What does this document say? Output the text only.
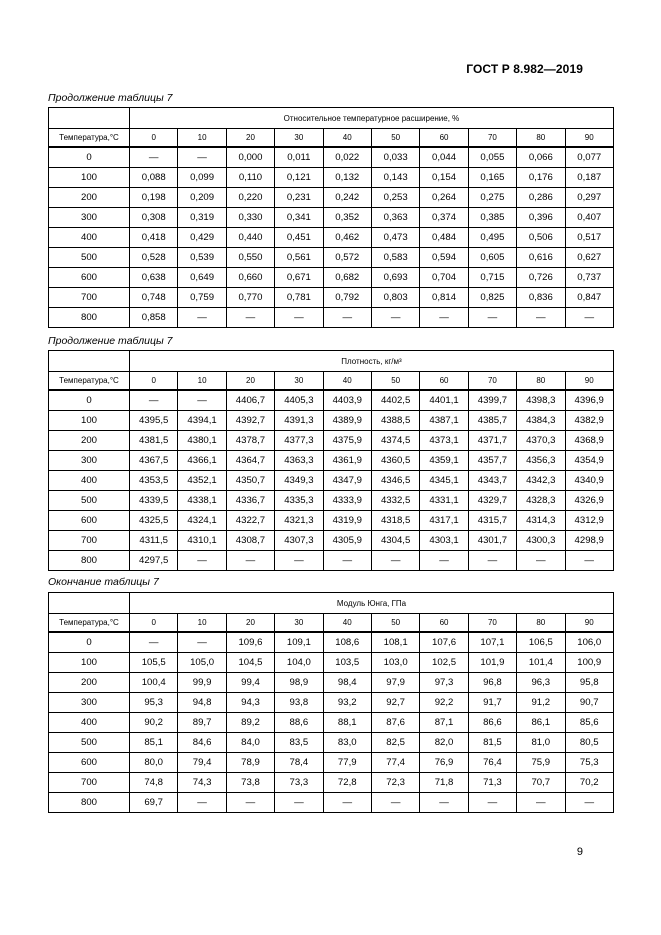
ГОСТ Р 8.982—2019
Продолжение таблицы 7
	Относительное температурное расширение, %									
Температура,°C	0	10	20	30	40	50	60	70	80	90
0	—	—	0,000	0,011	0,022	0,033	0,044	0,055	0,066	0,077
100	0,088	0,099	0,110	0,121	0,132	0,143	0,154	0,165	0,176	0,187
200	0,198	0,209	0,220	0,231	0,242	0,253	0,264	0,275	0,286	0,297
300	0,308	0,319	0,330	0,341	0,352	0,363	0,374	0,385	0,396	0,407
400	0,418	0,429	0,440	0,451	0,462	0,473	0,484	0,495	0,506	0,517
500	0,528	0,539	0,550	0,561	0,572	0,583	0,594	0,605	0,616	0,627
600	0,638	0,649	0,660	0,671	0,682	0,693	0,704	0,715	0,726	0,737
700	0,748	0,759	0,770	0,781	0,792	0,803	0,814	0,825	0,836	0,847
800	0,858	—	—	—	—	—	—	—	—	—
Продолжение таблицы 7
	Плотность, кг/м³									
Температура,°C	0	10	20	30	40	50	60	70	80	90
0	—	—	4406,7	4405,3	4403,9	4402,5	4401,1	4399,7	4398,3	4396,9
100	4395,5	4394,1	4392,7	4391,3	4389,9	4388,5	4387,1	4385,7	4384,3	4382,9
200	4381,5	4380,1	4378,7	4377,3	4375,9	4374,5	4373,1	4371,7	4370,3	4368,9
300	4367,5	4366,1	4364,7	4363,3	4361,9	4360,5	4359,1	4357,7	4356,3	4354,9
400	4353,5	4352,1	4350,7	4349,3	4347,9	4346,5	4345,1	4343,7	4342,3	4340,9
500	4339,5	4338,1	4336,7	4335,3	4333,9	4332,5	4331,1	4329,7	4328,3	4326,9
600	4325,5	4324,1	4322,7	4321,3	4319,9	4318,5	4317,1	4315,7	4314,3	4312,9
700	4311,5	4310,1	4308,7	4307,3	4305,9	4304,5	4303,1	4301,7	4300,3	4298,9
800	4297,5	—	—	—	—	—	—	—	—	—
Окончание таблицы 7
	Модуль Юнга, ГПа									
Температура,°C	0	10	20	30	40	50	60	70	80	90
0	—	—	109,6	109,1	108,6	108,1	107,6	107,1	106,5	106,0
100	105,5	105,0	104,5	104,0	103,5	103,0	102,5	101,9	101,4	100,9
200	100,4	99,9	99,4	98,9	98,4	97,9	97,3	96,8	96,3	95,8
300	95,3	94,8	94,3	93,8	93,2	92,7	92,2	91,7	91,2	90,7
400	90,2	89,7	89,2	88,6	88,1	87,6	87,1	86,6	86,1	85,6
500	85,1	84,6	84,0	83,5	83,0	82,5	82,0	81,5	81,0	80,5
600	80,0	79,4	78,9	78,4	77,9	77,4	76,9	76,4	75,9	75,3
700	74,8	74,3	73,8	73,3	72,8	72,3	71,8	71,3	70,7	70,2
800	69,7	—	—	—	—	—	—	—	—	—
9
